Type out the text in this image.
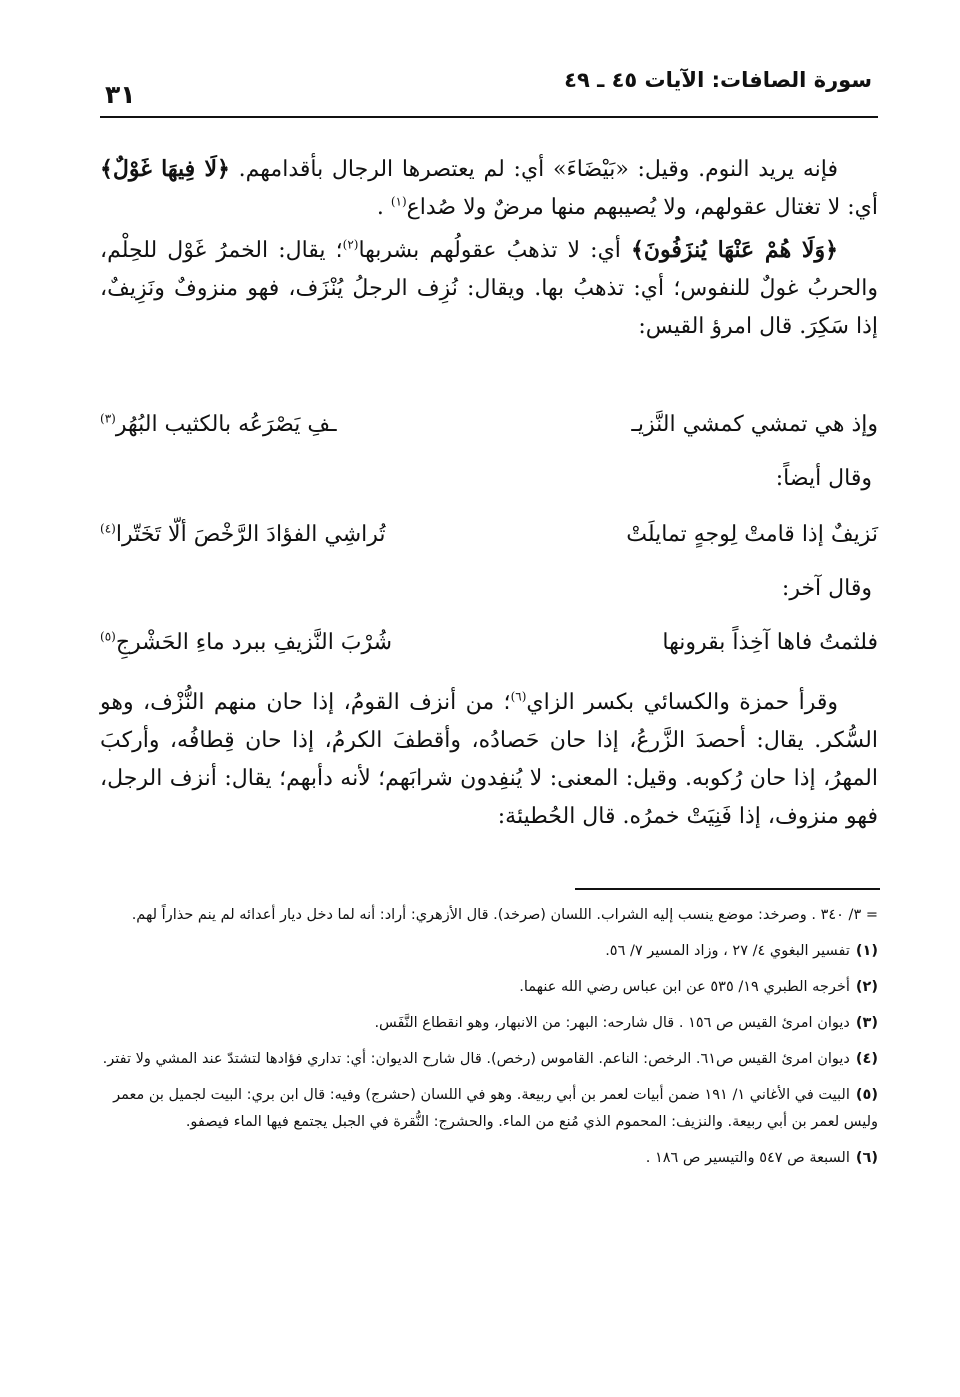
سورة الصافات: الآيات ٤٥ ـ ٤٩
٣١

فإنه يريد النوم. وقيل: «بَيْضَاءَ» أي: لم يعتصرها الرجال بأقدامهم. ﴿لَا فِيهَا غَوْلٌ﴾ أي: لا تغتال عقولهم، ولا يُصيبهم منها مرضٌ ولا صُداع$^{(١)}$ .

﴿وَلَا هُمْ عَنْهَا يُنزَفُونَ﴾ أي: لا تذهبُ عقولُهم بشربها$^{(٢)}$؛ يقال: الخمرُ غَوْل للحِلْم، والحربُ غولٌ للنفوس؛ أي: تذهبُ بها. ويقال: نُزِف الرجلُ يُنْزَف، فهو منزوفٌ ونَزِيفٌ، إذا سَكِرَ. قال امرؤ القيس:

وإذ هي تمشي كمشي النَّزيـ
ـفِ يَصْرَعُه بالكثيب البُهُر$^{(٣)}$
وقال أيضاً:
نَزيفٌ إذا قامتْ لِوجهٍ تمايلَتْ
تُراشِي الفؤادَ الرَّخْصَ ألّا تَخَتّرا$^{(٤)}$
وقال آخر:
فلثمتُ فاها آخِذاً بقرونها
شُرْبَ النَّزيفِ ببرد ماءِ الحَشْرجِ$^{(٥)}$

وقرأ حمزة والكسائي بكسر الزاي$^{(٦)}$؛ من أنزف القومُ، إذا حان منهم النُّزْف، وهو السُّكر. يقال: أحصدَ الزَّرعُ، إذا حان حَصادُه، وأقطفَ الكرمُ، إذا حان قِطافُه، وأركبَ المهرُ، إذا حان رُكوبه. وقيل: المعنى: لا يُنفِدون شرابَهم؛ لأنه دأبهم؛ يقال: أنزف الرجل، فهو منزوف، إذا فَنِيَتْ خمرُه. قال الحُطيئة:

= ٣/ ٣٤٠ . وصرخد: موضع ينسب إليه الشراب. اللسان (صرخد). قال الأزهري: أراد: أنه لما دخل ديار أعدائه لم ينم حذاراً لهم.

(١)تفسير البغوي ٤/ ٢٧ ، وزاد المسير ٧/ ٥٦.

(٢)أخرجه الطبري ١٩/ ٥٣٥ عن ابن عباس رضي الله عنهما.

(٣)ديوان امرئ القيس ص ١٥٦ . قال شارحه: البهر: من الانبهار، وهو انقطاع النَّفَس.

(٤)ديوان امرئ القيس ص٦١. الرخص: الناعم. القاموس (رخص). قال شارح الديوان: أي: تداري فؤادها لتشتدّ عند المشي ولا تفتر.

(٥)البيت في الأغاني ١/ ١٩١ ضمن أبيات لعمر بن أبي ربيعة. وهو في اللسان (حشرج) وفيه: قال ابن بري: البيت لجميل بن معمر وليس لعمر بن أبي ربيعة. والنزيف: المحموم الذي مُنع من الماء. والحشرج: النُّقرة في الجبل يجتمع فيها الماء فيصفو.

(٦)السبعة ص ٥٤٧ والتيسير ص ١٨٦ .
